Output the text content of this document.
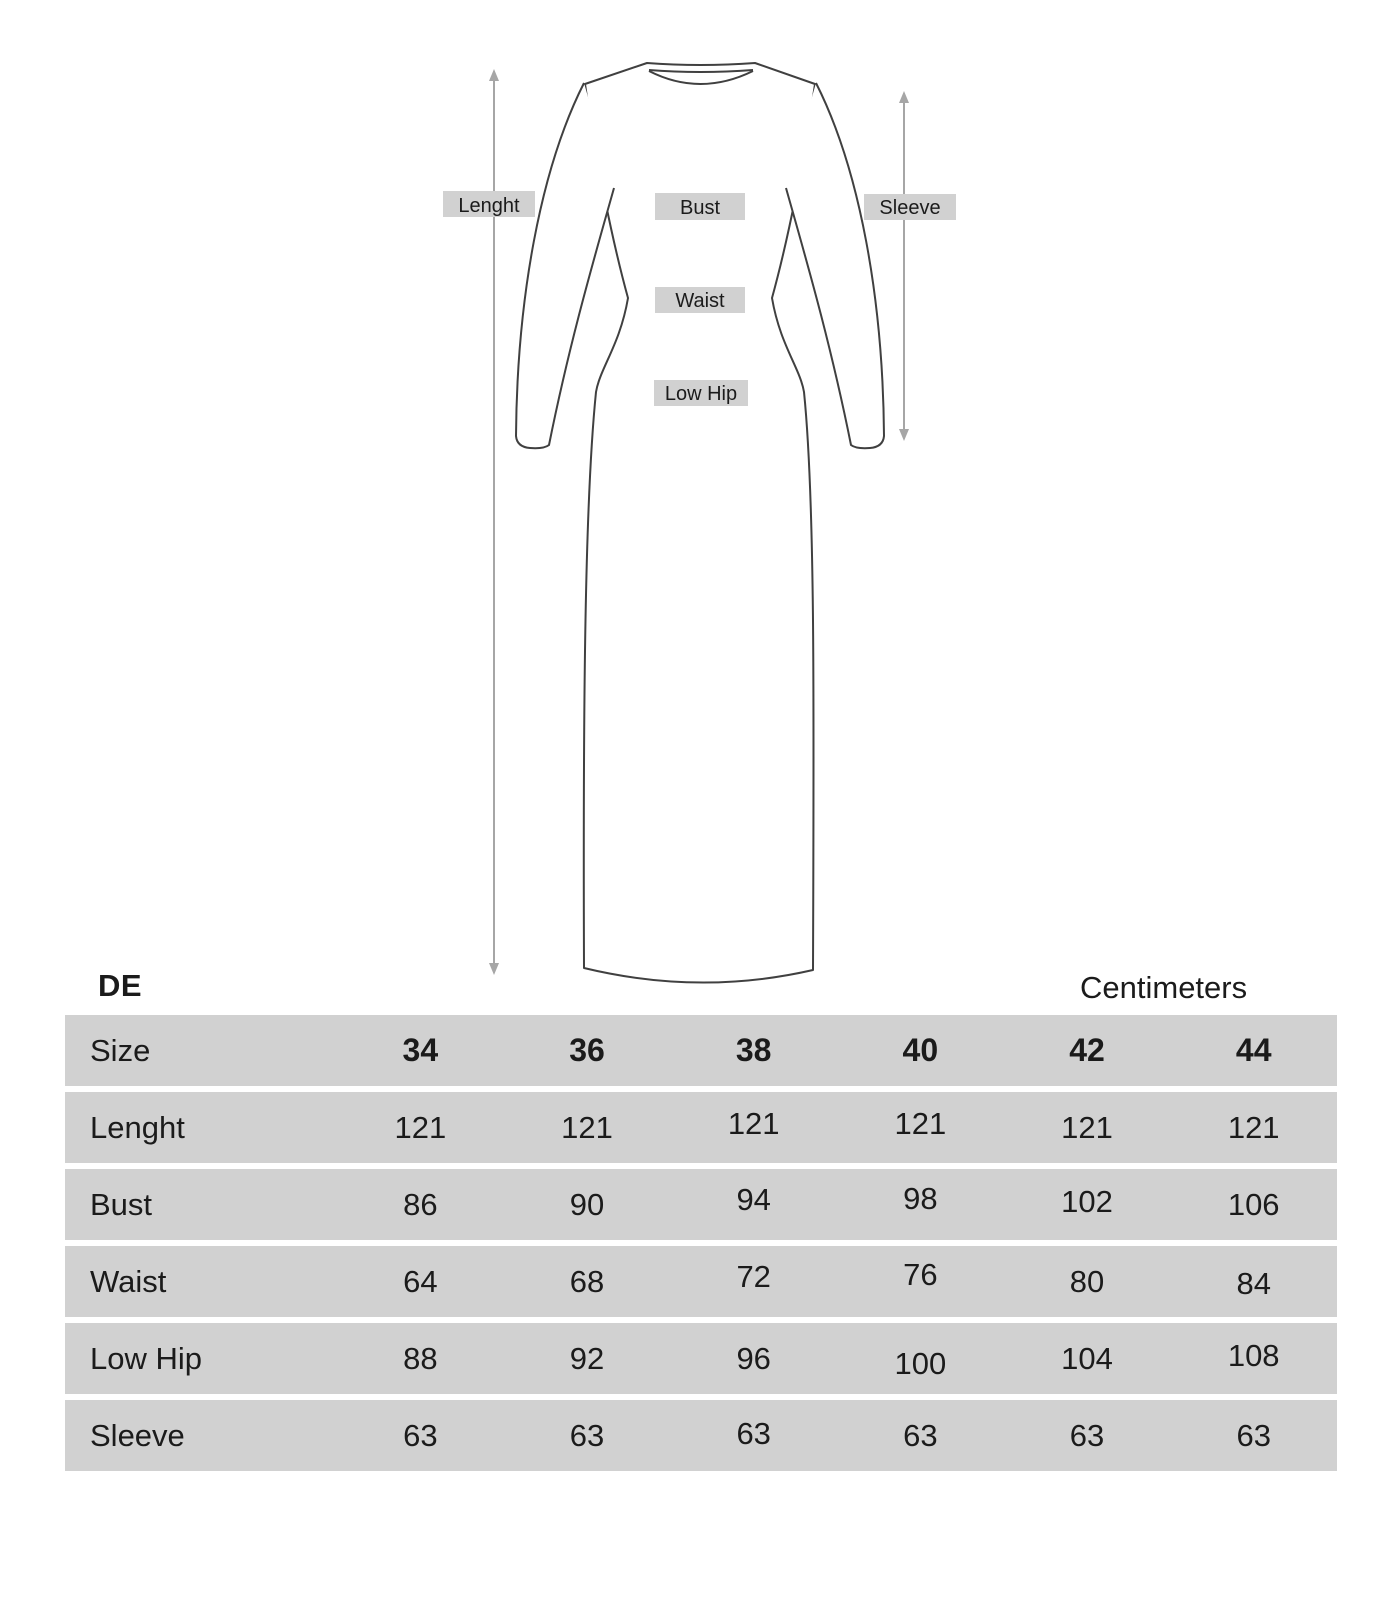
Lenght	Bust
Waist
Low Hip
Sleeve
DE	Centimeters
Size	34	36	38	40	42	44
Lenght	121	121	121	121	121	121
Bust	86	90	94	98	102	106
Waist	64	68	72	76	80	84
Low Hip	88	92	96	100	104	108
Sleeve	63	63	63	63	63	63
